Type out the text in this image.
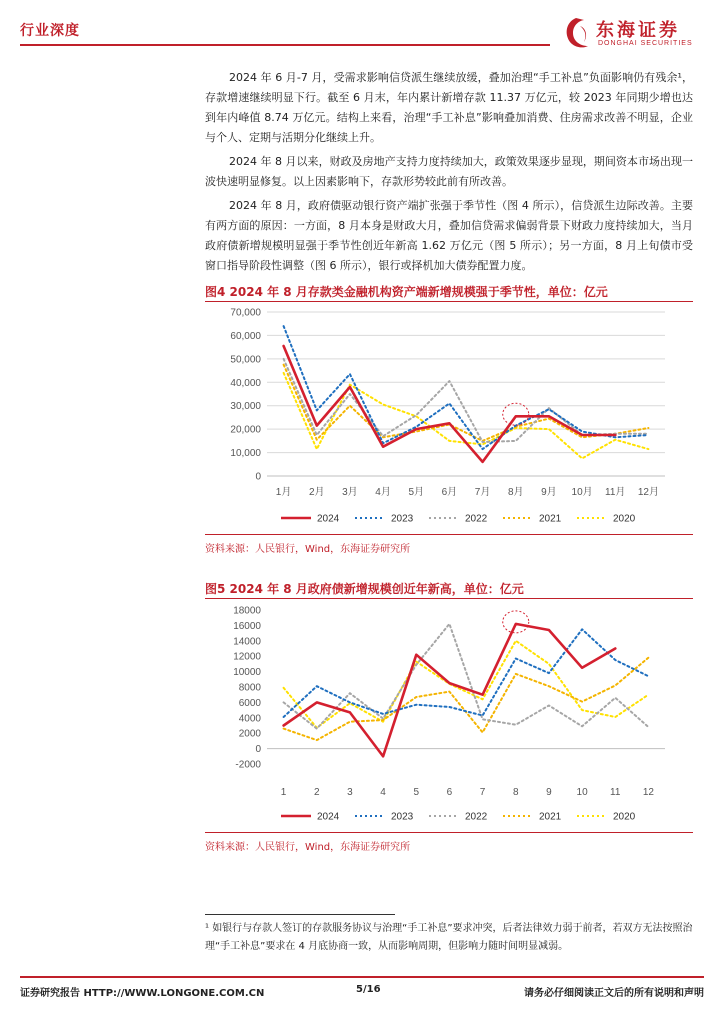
行业深度	东海证券
DONGHAI SECURITIES
2024 年 6 月-7 月，受需求影响信贷派生继续放缓，叠加治理“手工补息”负面影响仍有残余¹，存款增速继续明显下行。截至 6 月末，年内累计新增存款 11.37 万亿元，较 2023 年同期少增也达到年内峰值 8.74 万亿元。结构上来看，治理“手工补息”影响叠加消费、住房需求改善不明显，企业与个人、定期与活期分化继续上升。
2024 年 8 月以来，财政及房地产支持力度持续加大，政策效果逐步显现，期间资本市场出现一波快速明显修复。以上因素影响下，存款形势较此前有所改善。
2024 年 8 月，政府债驱动银行资产端扩张强于季节性（图 4 所示），信贷派生边际改善。主要有两方面的原因：一方面，8 月本身是财政大月，叠加信贷需求偏弱背景下财政力度持续加大，当月政府债新增规模明显强于季节性创近年新高 1.62 万亿元（图 5 所示）；另一方面，8 月上旬债市受窗口指导阶段性调整（图 6 所示），银行或择机加大债券配置力度。
图4 2024 年 8 月存款类金融机构资产端新增规模强于季节性，单位：亿元
0
10,000
20,000
30,000
40,000
50,000
60,000
70,000
1月 2月 3月 4月 5月 6月 7月 8月 9月 10月 11月 12月
2024	2023	2022	2021	2020
资料来源：人民银行，Wind，东海证券研究所
图5 2024 年 8 月政府债新增规模创近年新高，单位：亿元
-2000
0
2000
4000
6000
8000
10000
12000
14000
16000
18000
1	2	3	4	5	6	7	8	9 10 11 12
2024	2023	2022	2021	2020
资料来源：人民银行，Wind，东海证券研究所
¹ 如银行与存款人签订的存款服务协议与治理“手工补息”要求冲突，后者法律效力弱于前者，若双方无法按照治理“手工补息”要求在 4 月底协商一致，从而影响周期，但影响力随时间明显减弱。
证券研究报告 HTTP://WWW.LONGONE.COM.CN	5/16	请务必仔细阅读正文后的所有说明和声明
